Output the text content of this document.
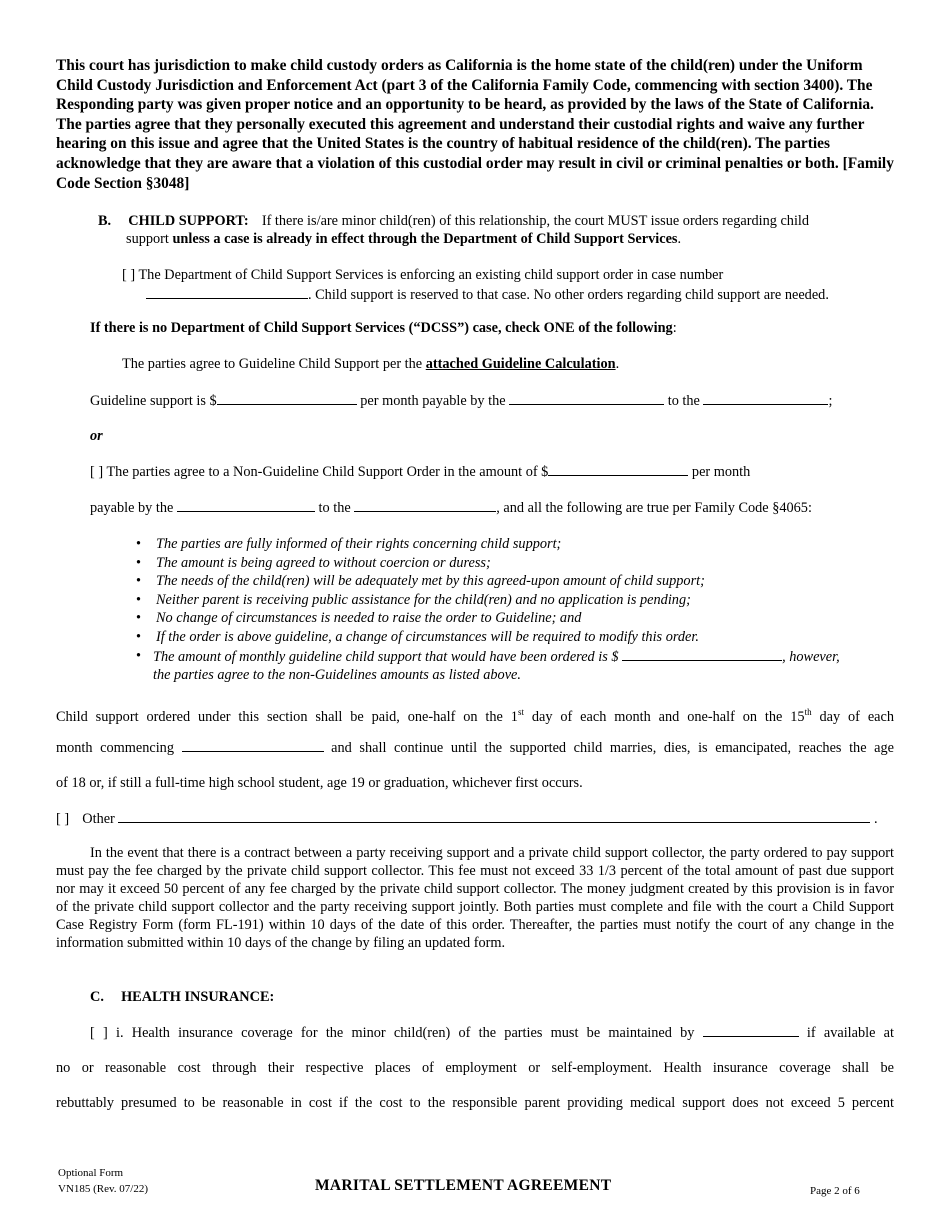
This court has jurisdiction to make child custody orders as California is the home state of the child(ren) under the Uniform Child Custody Jurisdiction and Enforcement Act (part 3 of the California Family Code, commencing with section 3400). The Responding party was given proper notice and an opportunity to be heard, as provided by the laws of the State of California. The parties agree that they personally executed this agreement and understand their custodial rights and waive any further hearing on this issue and agree that the United States is the country of habitual residence of the child(ren). The parties acknowledge that they are aware that a violation of this custodial order may result in civil or criminal penalties or both. [Family Code Section §3048]
B. CHILD SUPPORT: If there is/are minor child(ren) of this relationship, the court MUST issue orders regarding child
support unless a case is already in effect through the Department of Child Support Services.
[ ] The Department of Child Support Services is enforcing an existing child support order in case number
. Child support is reserved to that case. No other orders regarding child support are needed.
If there is no Department of Child Support Services (“DCSS”) case, check ONE of the following:
The parties agree to Guideline Child Support per the attached Guideline Calculation.
Guideline support is $	per month payable by the	to the	;
or
[ ] The parties agree to a Non-Guideline Child Support Order in the amount of $	per month
payable by the	to the	, and all the following are true per Family Code §4065:
• The parties are fully informed of their rights concerning child support;
• The amount is being agreed to without coercion or duress;
• The needs of the child(ren) will be adequately met by this agreed-upon amount of child support;
• Neither parent is receiving public assistance for the child(ren) and no application is pending;
• No change of circumstances is needed to raise the order to Guideline; and
• If the order is above guideline, a change of circumstances will be required to modify this order.
• The amount of monthly guideline child support that would have been ordered is $	, however,
the parties agree to the non-Guidelines amounts as listed above.
Child support ordered under this section shall be paid, one-half on the 1st day of each month and one-half on the 15th day of each
month commencing	and shall continue until the supported child marries, dies, is emancipated, reaches the age
of 18 or, if still a full-time high school student, age 19 or graduation, whichever first occurs.
[ ] Other	.
In the event that there is a contract between a party receiving support and a private child support collector, the party ordered to pay support must pay the fee charged by the private child support collector. This fee must not exceed 33 1/3 percent of the total amount of past due support nor may it exceed 50 percent of any fee charged by the private child support collector. The money judgment created by this provision is in favor of the private child support collector and the party receiving support jointly. Both parties must complete and file with the court a Child Support Case Registry Form (form FL-191) within 10 days of the date of this order. Thereafter, the parties must notify the court of any change in the information submitted within 10 days of the change by filing an updated form.
C. HEALTH INSURANCE:
[ ] i. Health insurance coverage for the minor child(ren) of the parties must be maintained by	if available at
no or reasonable cost through their respective places of employment or self-employment. Health insurance coverage shall be
rebuttably presumed to be reasonable in cost if the cost to the responsible parent providing medical support does not exceed 5 percent
Optional Form
VN185 (Rev. 07/22)	MARITAL SETTLEMENT AGREEMENT	Page 2 of 6
